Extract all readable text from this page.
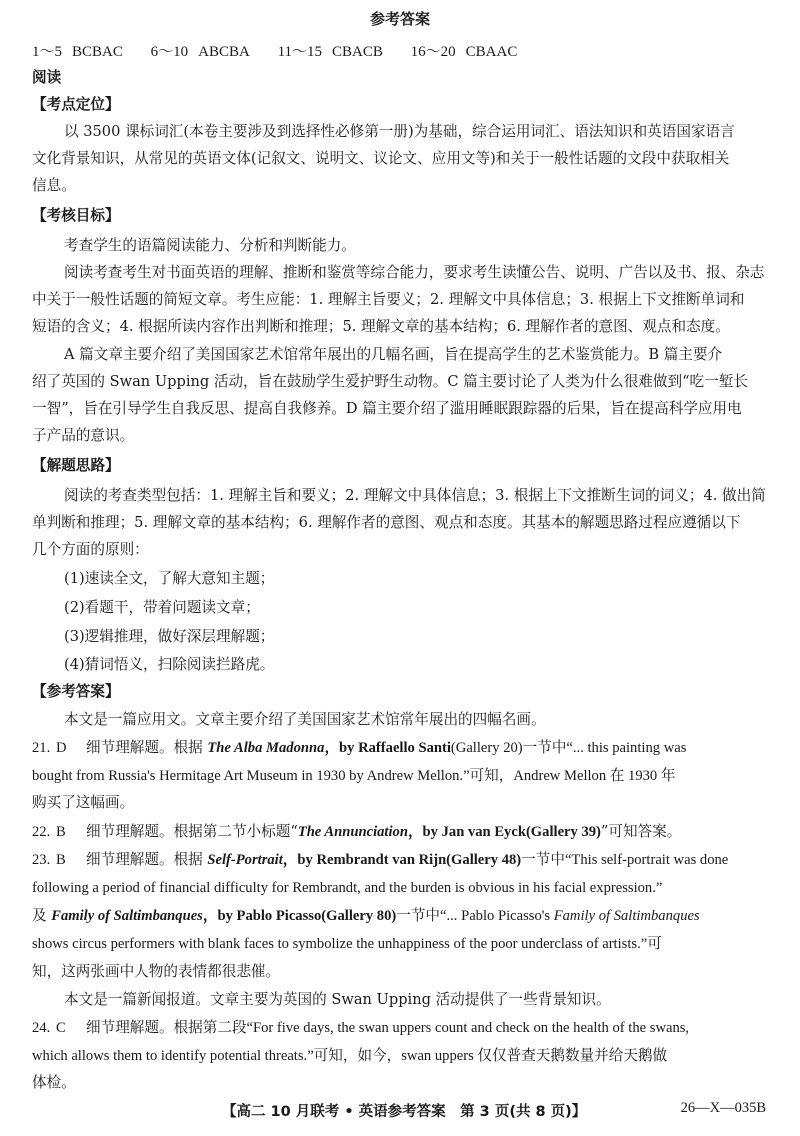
参考答案
1～5 BCBAC 6～10 ABCBA 11～15 CBACB 16～20 CBAAC
阅读
【考点定位】
以 3500 课标词汇(本卷主要涉及到选择性必修第一册)为基础，综合运用词汇、语法知识和英语国家语言
文化背景知识，从常见的英语文体(记叙文、说明文、议论文、应用文等)和关于一般性话题的文段中获取相关
信息。
【考核目标】
考查学生的语篇阅读能力、分析和判断能力。
阅读考查考生对书面英语的理解、推断和鉴赏等综合能力，要求考生读懂公告、说明、广告以及书、报、杂志
中关于一般性话题的简短文章。考生应能：1. 理解主旨要义；2. 理解文中具体信息；3. 根据上下文推断单词和
短语的含义；4. 根据所读内容作出判断和推理；5. 理解文章的基本结构；6. 理解作者的意图、观点和态度。
A 篇文章主要介绍了美国国家艺术馆常年展出的几幅名画，旨在提高学生的艺术鉴赏能力。B 篇主要介
绍了英国的 Swan Upping 活动，旨在鼓励学生爱护野生动物。C 篇主要讨论了人类为什么很难做到“吃一堑长
一智”，旨在引导学生自我反思、提高自我修养。D 篇主要介绍了滥用睡眠跟踪器的后果，旨在提高科学应用电
子产品的意识。
【解题思路】
阅读的考查类型包括：1. 理解主旨和要义；2. 理解文中具体信息；3. 根据上下文推断生词的词义；4. 做出简
单判断和推理；5. 理解文章的基本结构；6. 理解作者的意图、观点和态度。其基本的解题思路过程应遵循以下
几个方面的原则：
(1)速读全文，了解大意知主题；
(2)看题干，带着问题读文章；
(3)逻辑推理，做好深层理解题；
(4)猜词悟义，扫除阅读拦路虎。
【参考答案】
本文是一篇应用文。文章主要介绍了美国国家艺术馆常年展出的四幅名画。
21. D 细节理解题。根据 The Alba Madonna，by Raffaello Santi(Gallery 20)一节中“... this painting was
bought from Russia's Hermitage Art Museum in 1930 by Andrew Mellon.”可知，Andrew Mellon 在 1930 年
购买了这幅画。
22. B 细节理解题。根据第二节小标题“The Annunciation，by Jan van Eyck(Gallery 39)”可知答案。
23. B 细节理解题。根据 Self-Portrait，by Rembrandt van Rijn(Gallery 48)一节中“This self-portrait was done
following a period of financial difficulty for Rembrandt, and the burden is obvious in his facial expression.”
及 Family of Saltimbanques，by Pablo Picasso(Gallery 80)一节中“... Pablo Picasso's Family of Saltimbanques
shows circus performers with blank faces to symbolize the unhappiness of the poor underclass of artists.”可
知，这两张画中人物的表情都很悲催。
本文是一篇新闻报道。文章主要为英国的 Swan Upping 活动提供了一些背景知识。
24. C 细节理解题。根据第二段“For five days, the swan uppers count and check on the health of the swans,
which allows them to identify potential threats.”可知，如今，swan uppers 仅仅普查天鹅数量并给天鹅做
体检。
【高二 10 月联考 • 英语参考答案　第 3 页(共 8 页)】	26—X—035B
